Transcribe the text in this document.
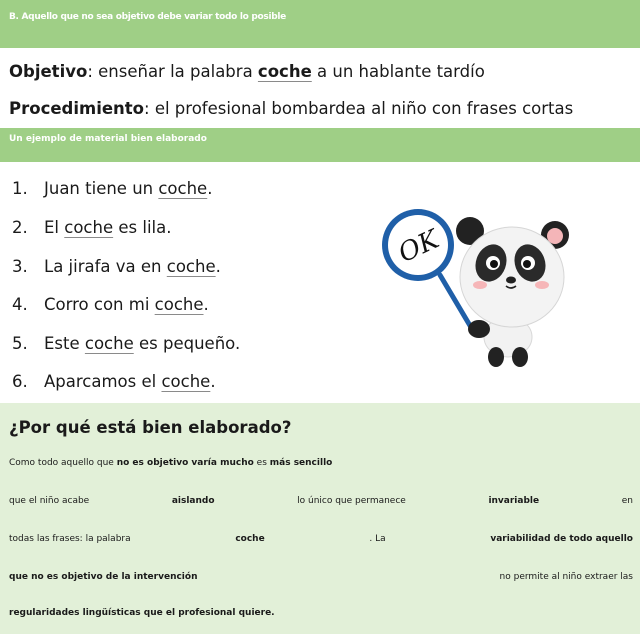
B. Aquello que no sea objetivo debe variar todo lo posible
Objetivo: enseñar la palabra coche a un hablante tardío
Procedimiento: el profesional bombardea al niño con frases cortas
Un ejemplo de material bien elaborado
1. Juan tiene un coche.
2. El coche es lila.
3. La jirafa va en coche.
4. Corro con mi coche.
5. Este coche es pequeño.
6. Aparcamos el coche.
OK
¿Por qué está bien elaborado?
Como todo aquello que no es objetivo varía mucho es más sencillo
que el niño acabe	aislando	lo único que permanece	invariable	en
todas las frases: la palabra	coche	. La	variabilidad de todo aquello
que no es objetivo de la intervención	no permite al niño extraer las
regularidades lingüísticas que el profesional quiere.
